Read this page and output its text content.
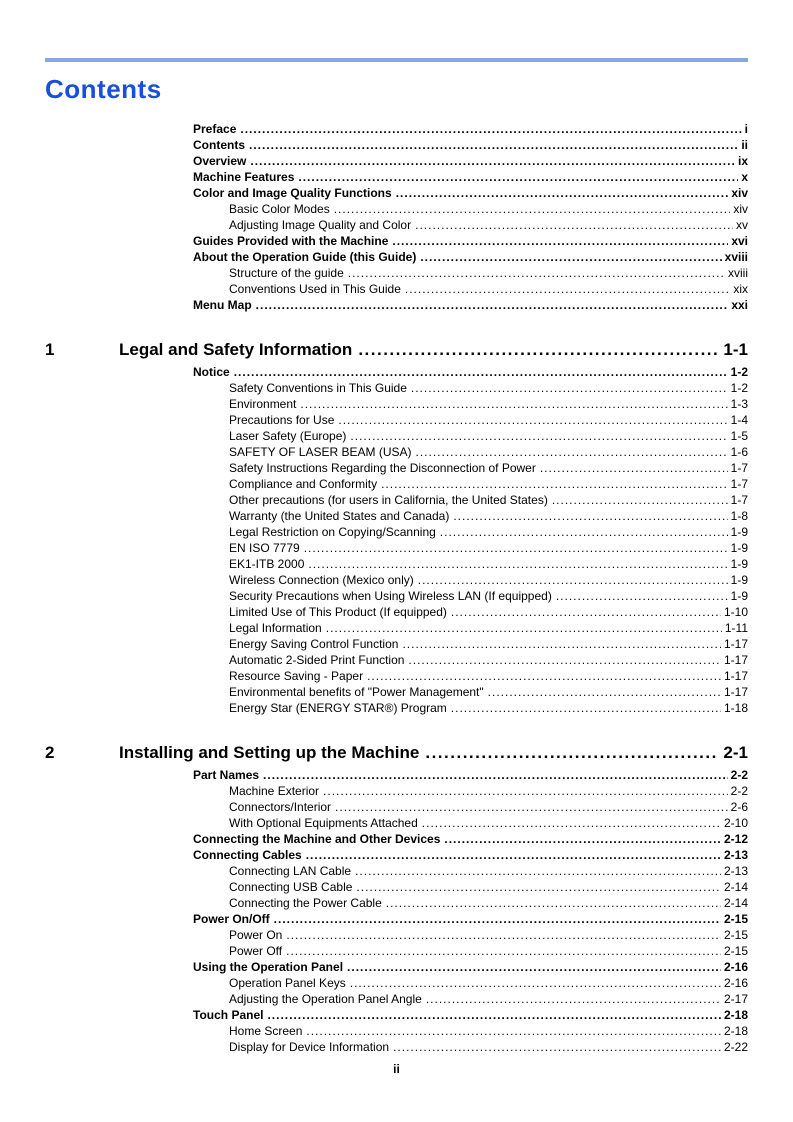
Contents
Preface .....	i
Contents .....	ii
Overview .....	ix
Machine Features .....	x
Color and Image Quality Functions .....	xiv
Basic Color Modes .....	xiv
Adjusting Image Quality and Color .....	xv
Guides Provided with the Machine .....	xvi
About the Operation Guide (this Guide) .....	xviii
Structure of the guide .....	xviii
Conventions Used in This Guide .....	xix
Menu Map .....	xxi
1	Legal and Safety Information .....	1-1
Notice .....	1-2
Safety Conventions in This Guide .....	1-2
Environment .....	1-3
Precautions for Use .....	1-4
Laser Safety (Europe) .....	1-5
SAFETY OF LASER BEAM (USA) .....	1-6
Safety Instructions Regarding the Disconnection of Power .....	1-7
Compliance and Conformity .....	1-7
Other precautions (for users in California, the United States) .....	1-7
Warranty (the United States and Canada) .....	1-8
Legal Restriction on Copying/Scanning .....	1-9
EN ISO 7779 .....	1-9
EK1-ITB 2000 .....	1-9
Wireless Connection (Mexico only) .....	1-9
Security Precautions when Using Wireless LAN (If equipped) .....	1-9
Limited Use of This Product (If equipped) .....	1-10
Legal Information .....	1-11
Energy Saving Control Function .....	1-17
Automatic 2-Sided Print Function .....	1-17
Resource Saving - Paper .....	1-17
Environmental benefits of "Power Management" .....	1-17
Energy Star (ENERGY STAR®) Program .....	1-18
2	Installing and Setting up the Machine .....	2-1
Part Names .....	2-2
Machine Exterior .....	2-2
Connectors/Interior .....	2-6
With Optional Equipments Attached .....	2-10
Connecting the Machine and Other Devices .....	2-12
Connecting Cables .....	2-13
Connecting LAN Cable .....	2-13
Connecting USB Cable .....	2-14
Connecting the Power Cable .....	2-14
Power On/Off .....	2-15
Power On .....	2-15
Power Off .....	2-15
Using the Operation Panel .....	2-16
Operation Panel Keys .....	2-16
Adjusting the Operation Panel Angle .....	2-17
Touch Panel .....	2-18
Home Screen .....	2-18
Display for Device Information .....	2-22
ii
